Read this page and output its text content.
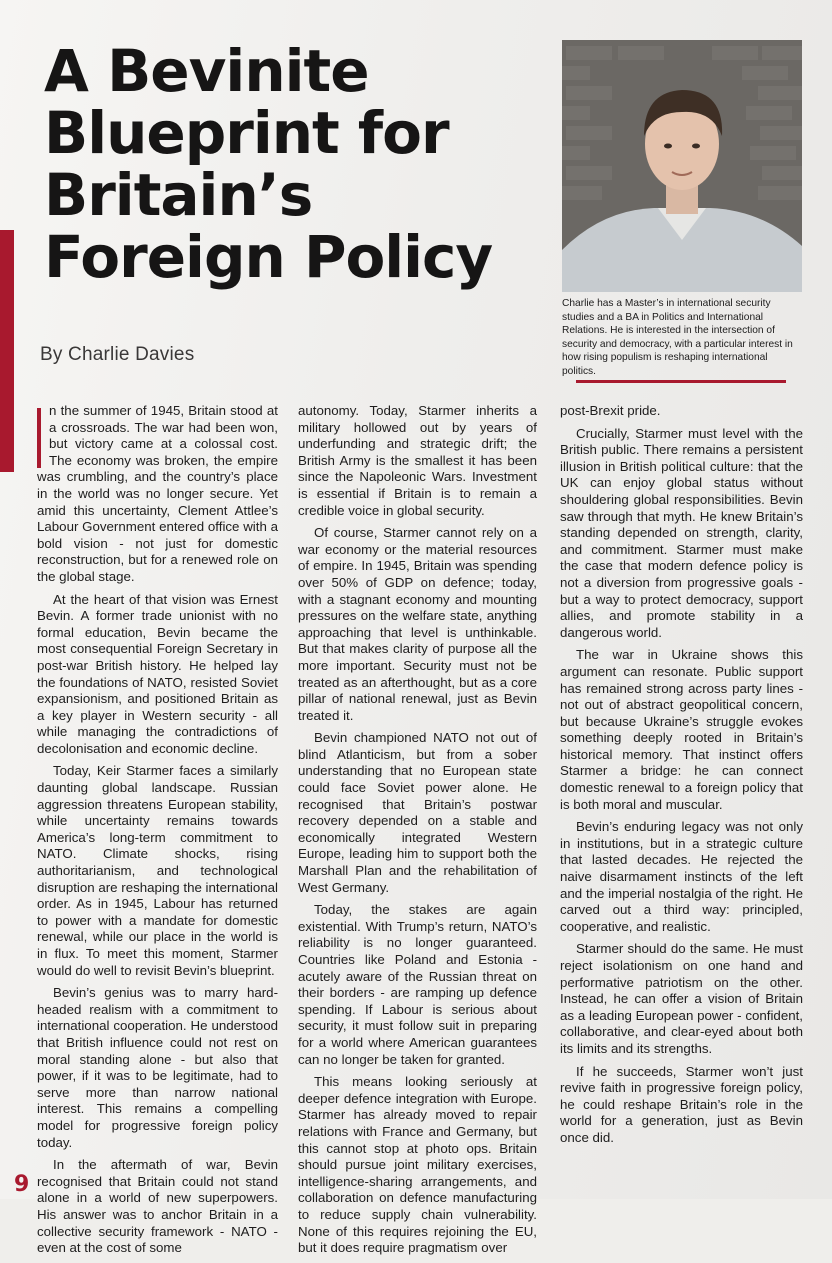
A Bevinite
Blueprint for
Britain’s
Foreign Policy
By Charlie Davies
Charlie has a Master’s in international security studies and a BA in Politics and International Relations. He is interested in the intersection of security and democracy, with a particular interest in how rising populism is reshaping international politics.

n the summer of 1945, Britain stood at a crossroads. The war had been won, but victory came at a colossal cost. The economy was broken, the empire was crumbling, and the country’s place in the world was no longer secure. Yet amid this uncertainty, Clement Attlee’s Labour Government entered office with a bold vision - not just for domestic reconstruction, but for a renewed role on the global stage.

At the heart of that vision was Ernest Bevin. A former trade unionist with no formal education, Bevin became the most consequential Foreign Secretary in post-war British history. He helped lay the foundations of NATO, resisted Soviet expansionism, and positioned Britain as a key player in Western security - all while managing the contradictions of decolonisation and economic decline.

Today, Keir Starmer faces a similarly daunting global landscape. Russian aggression threatens European stability, while uncertainty remains towards America’s long-term commitment to NATO. Climate shocks, rising authoritarianism, and technological disruption are reshaping the international order. As in 1945, Labour has returned to power with a mandate for domestic renewal, while our place in the world is in flux. To meet this moment, Starmer would do well to revisit Bevin’s blueprint.

Bevin’s genius was to marry hard-headed realism with a commitment to international cooperation. He understood that British influence could not rest on moral standing alone - but also that power, if it was to be legitimate, had to serve more than narrow national interest. This remains a compelling model for progressive foreign policy today.

In the aftermath of war, Bevin recognised that Britain could not stand alone in a world of new superpowers. His answer was to anchor Britain in a collective security framework - NATO - even at the cost of some

autonomy. Today, Starmer inherits a military hollowed out by years of underfunding and strategic drift; the British Army is the smallest it has been since the Napoleonic Wars. Investment is essential if Britain is to remain a credible voice in global security.

Of course, Starmer cannot rely on a war economy or the material resources of empire. In 1945, Britain was spending over 50% of GDP on defence; today, with a stagnant economy and mounting pressures on the welfare state, anything approaching that level is unthinkable. But that makes clarity of purpose all the more important. Security must not be treated as an afterthought, but as a core pillar of national renewal, just as Bevin treated it.

Bevin championed NATO not out of blind Atlanticism, but from a sober understanding that no European state could face Soviet power alone. He recognised that Britain’s postwar recovery depended on a stable and economically integrated Western Europe, leading him to support both the Marshall Plan and the rehabilitation of West Germany.

Today, the stakes are again existential. With Trump’s return, NATO’s reliability is no longer guaranteed. Countries like Poland and Estonia - acutely aware of the Russian threat on their borders - are ramping up defence spending. If Labour is serious about security, it must follow suit in preparing for a world where American guarantees can no longer be taken for granted.

This means looking seriously at deeper defence integration with Europe. Starmer has already moved to repair relations with France and Germany, but this cannot stop at photo ops. Britain should pursue joint military exercises, intelligence-sharing arrangements, and collaboration on defence manufacturing to reduce supply chain vulnerability. None of this requires rejoining the EU, but it does require pragmatism over

post-Brexit pride.

Crucially, Starmer must level with the British public. There remains a persistent illusion in British political culture: that the UK can enjoy global status without shouldering global responsibilities. Bevin saw through that myth. He knew Britain’s standing depended on strength, clarity, and commitment. Starmer must make the case that modern defence policy is not a diversion from progressive goals - but a way to protect democracy, support allies, and promote stability in a dangerous world.

The war in Ukraine shows this argument can resonate. Public support has remained strong across party lines - not out of abstract geopolitical concern, but because Ukraine’s struggle evokes something deeply rooted in Britain’s historical memory. That instinct offers Starmer a bridge: he can connect domestic renewal to a foreign policy that is both moral and muscular.

Bevin’s enduring legacy was not only in institutions, but in a strategic culture that lasted decades. He rejected the naive disarmament instincts of the left and the imperial nostalgia of the right. He carved out a third way: principled, cooperative, and realistic.

Starmer should do the same. He must reject isolationism on one hand and performative patriotism on the other. Instead, he can offer a vision of Britain as a leading European power - confident, collaborative, and clear-eyed about both its limits and its strengths.

If he succeeds, Starmer won’t just revive faith in progressive foreign policy, he could reshape Britain’s role in the world for a generation, just as Bevin once did.

9
